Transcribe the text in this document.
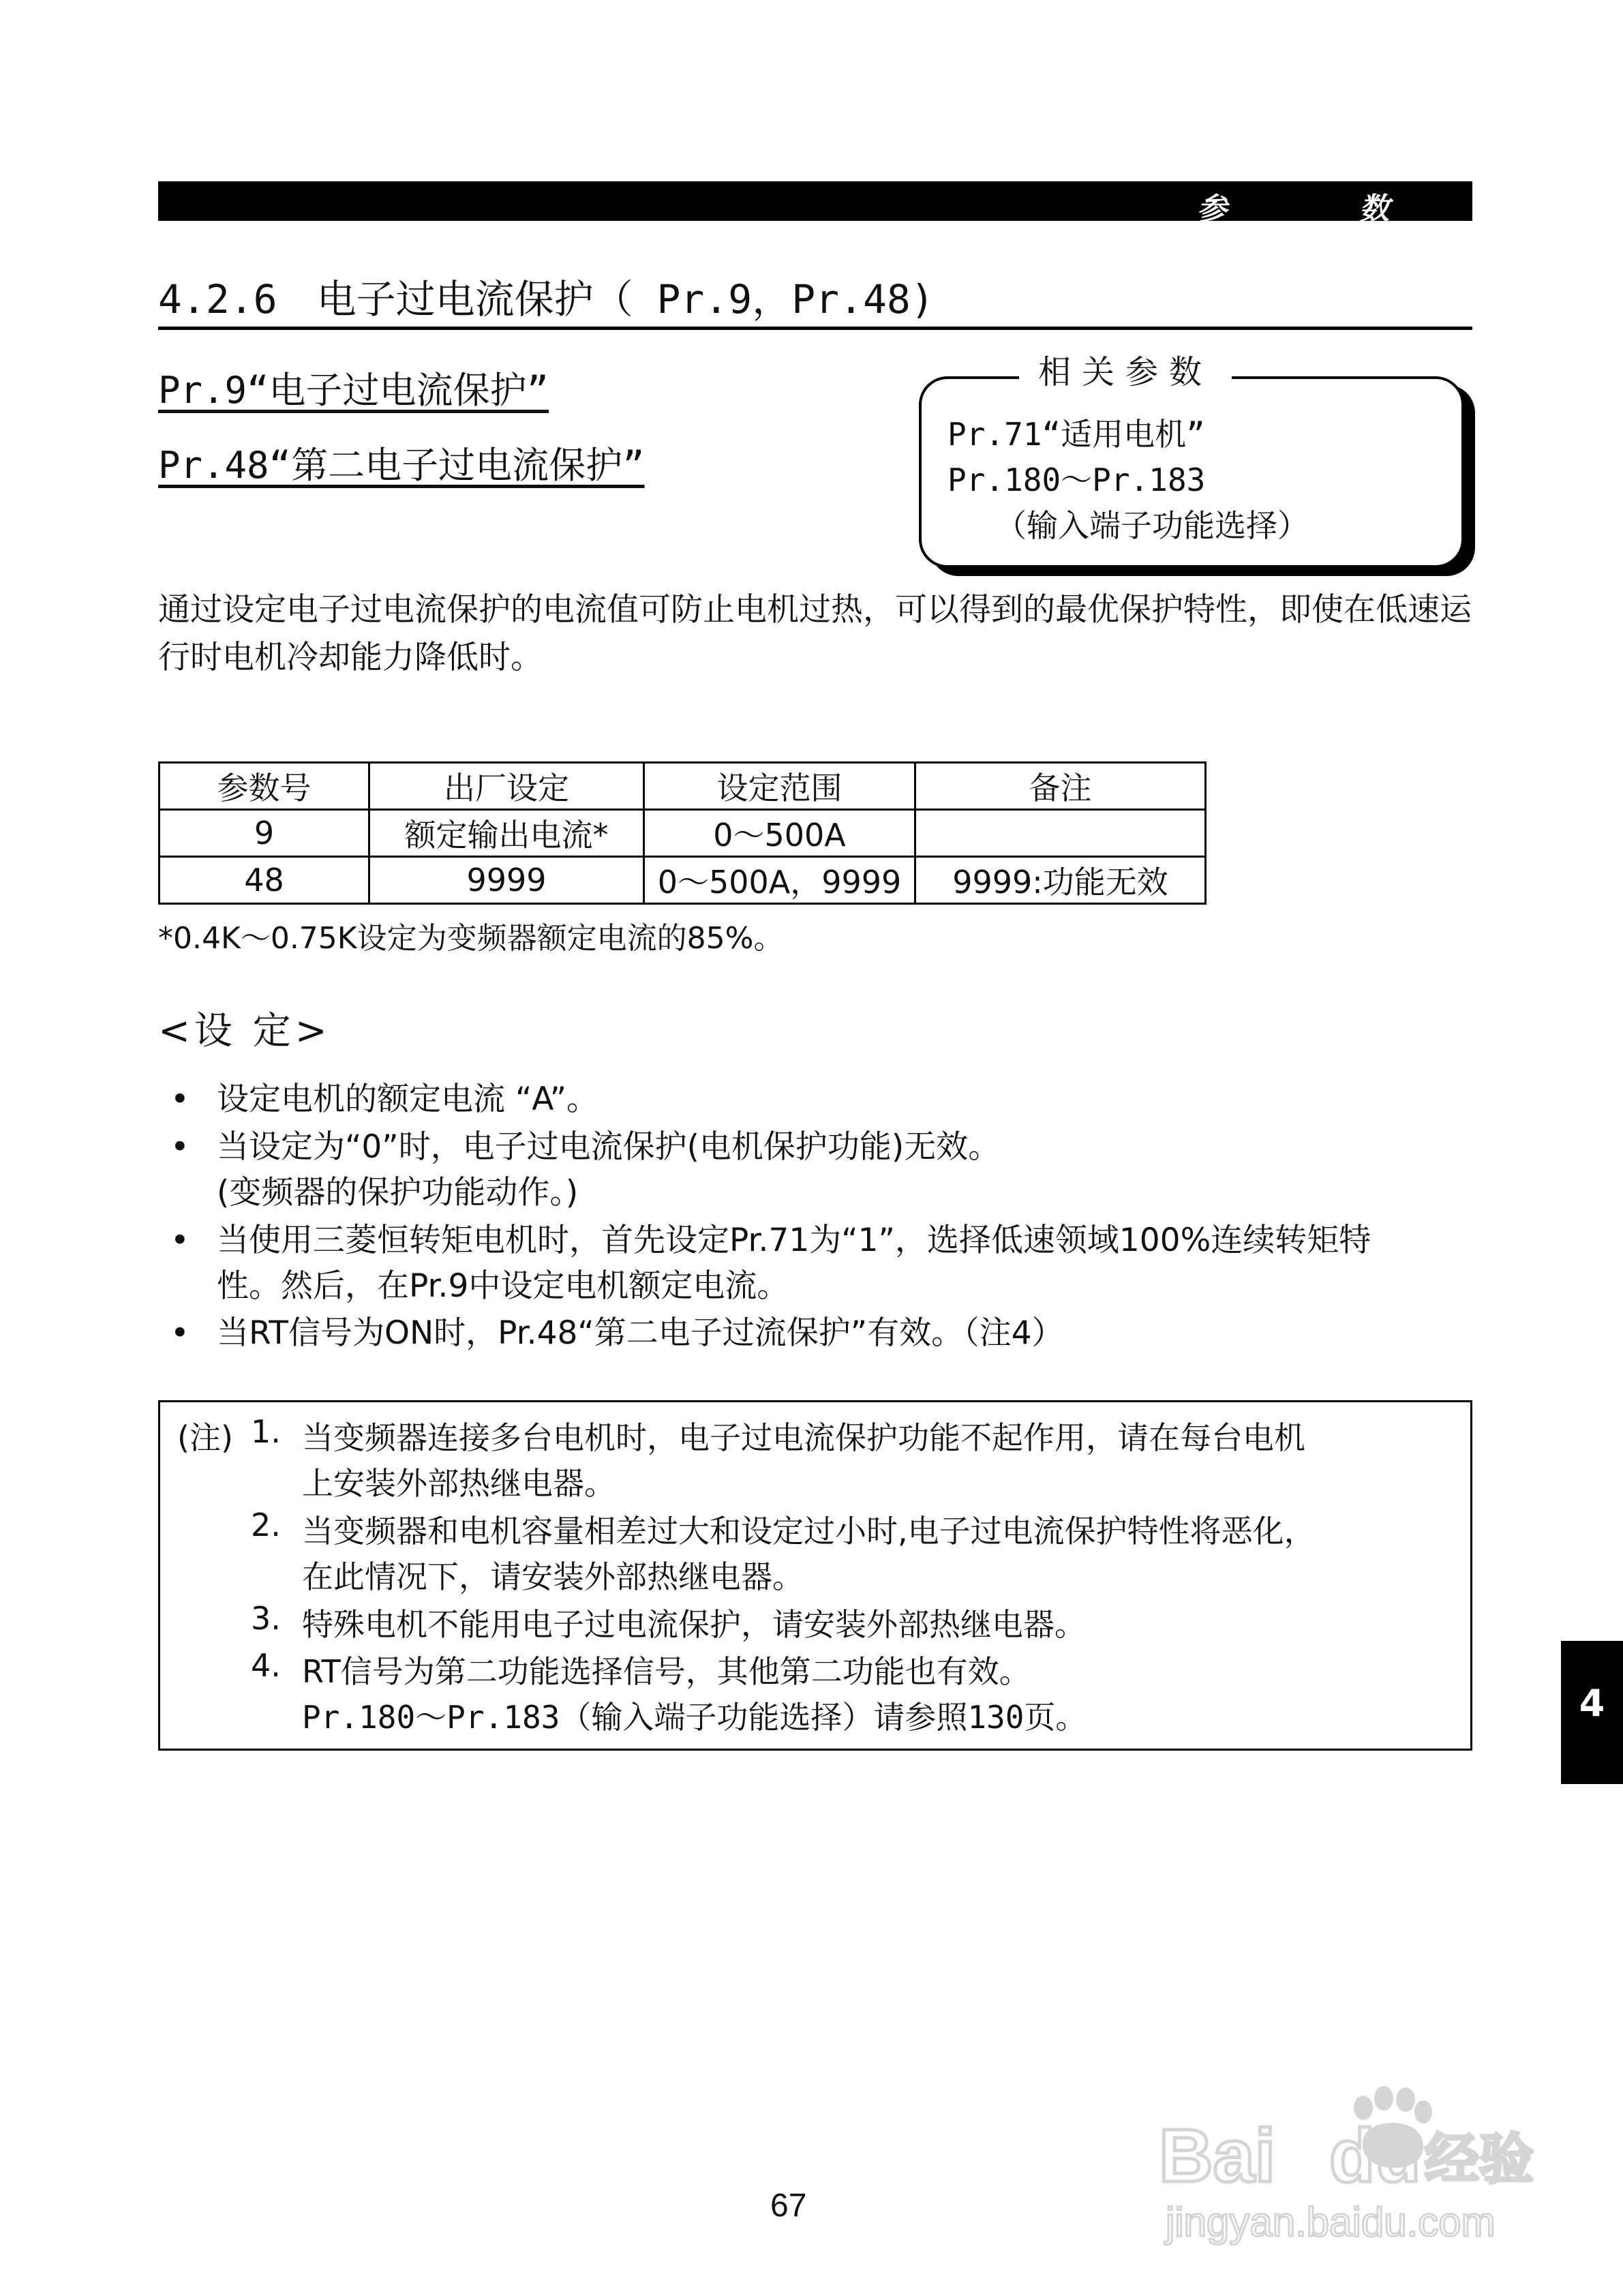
参	数
4.2.6　电子过电流保护（ Pr.9，Pr.48)
Pr.9“电子过电流保护”
Pr.48“第二电子过电流保护”
相关参数
Pr.71“适用电机”
Pr.180～Pr.183
（输入端子功能选择）
通过设定电子过电流保护的电流值可防止电机过热，可以得到的最优保护特性，即使在低速运行时电机冷却能力降低时。
参数号	出厂设定	设定范围	备注
9	额定输出电流*	0～500A	
48	9999	0～500A，9999	9999:功能无效
*0.4K～0.75K设定为变频器额定电流的85%。
<设 定>
• 设定电机的额定电流 “A”。
• 当设定为“0”时，电子过电流保护(电机保护功能)无效。
(变频器的保护功能动作。)
• 当使用三菱恒转矩电机时，首先设定Pr.71为“1”，选择低速领域100%连续转矩特
性。然后，在Pr.9中设定电机额定电流。
• 当RT信号为ON时，Pr.48“第二电子过流保护”有效。（注4）
(注) 1. 当变频器连接多台电机时，电子过电流保护功能不起作用，请在每台电机
上安装外部热继电器。
2. 当变频器和电机容量相差过大和设定过小时,电子过电流保护特性将恶化，
在此情况下，请安装外部热继电器。
3. 特殊电机不能用电子过电流保护，请安装外部热继电器。
4. RT信号为第二功能选择信号，其他第二功能也有效。
Pr.180～Pr.183（输入端子功能选择）请参照130页。	4
67
Bai du 经验
jingyan.baidu.com
